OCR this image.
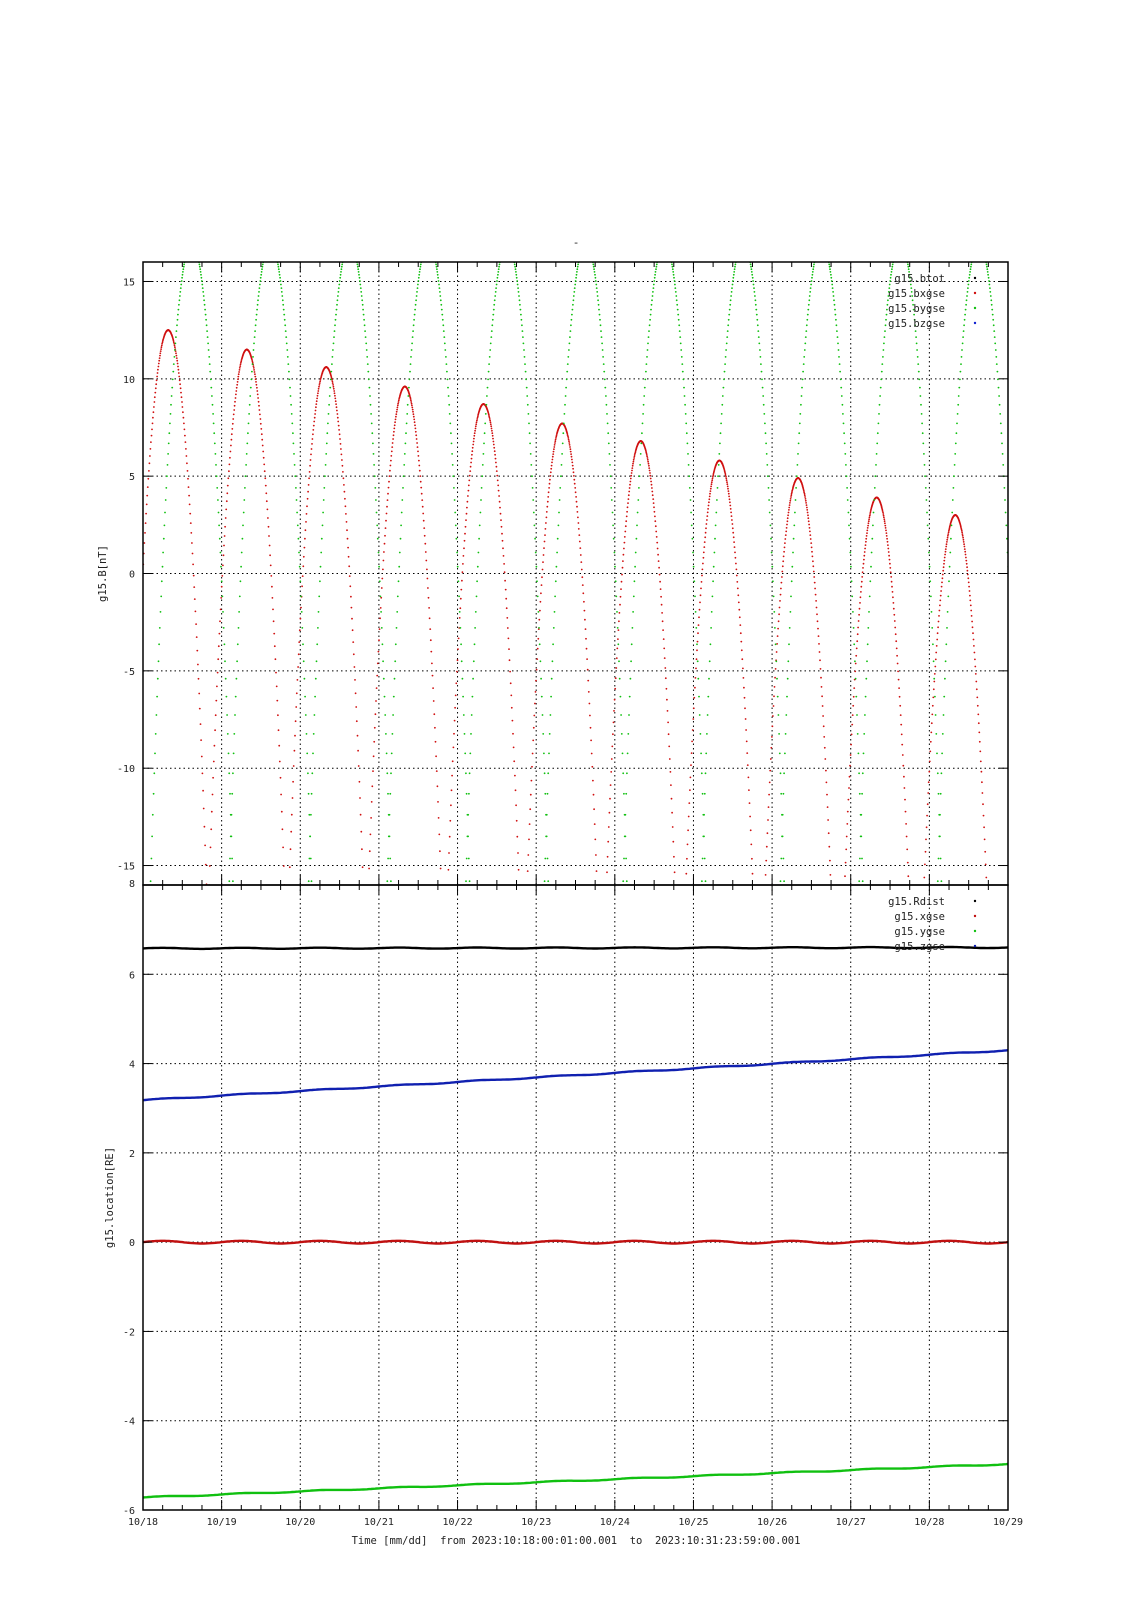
-
-15
-10
-5
0
5
10
15
g15.B[nT]
g15.btot
g15.bxgse
g15.bygse
g15.bzgse
-6
-4
-2
0
2
4
6
8
10/18	10/19	10/20	10/21	10/22	10/23	10/24	10/25	10/26	10/27	10/28	10/29
g15.location[RE]
g15.Rdist
g15.xgse
g15.ygse
g15.zgse
Time [mm/dd]  from 2023:10:18:00:01:00.001  to  2023:10:31:23:59:00.001
